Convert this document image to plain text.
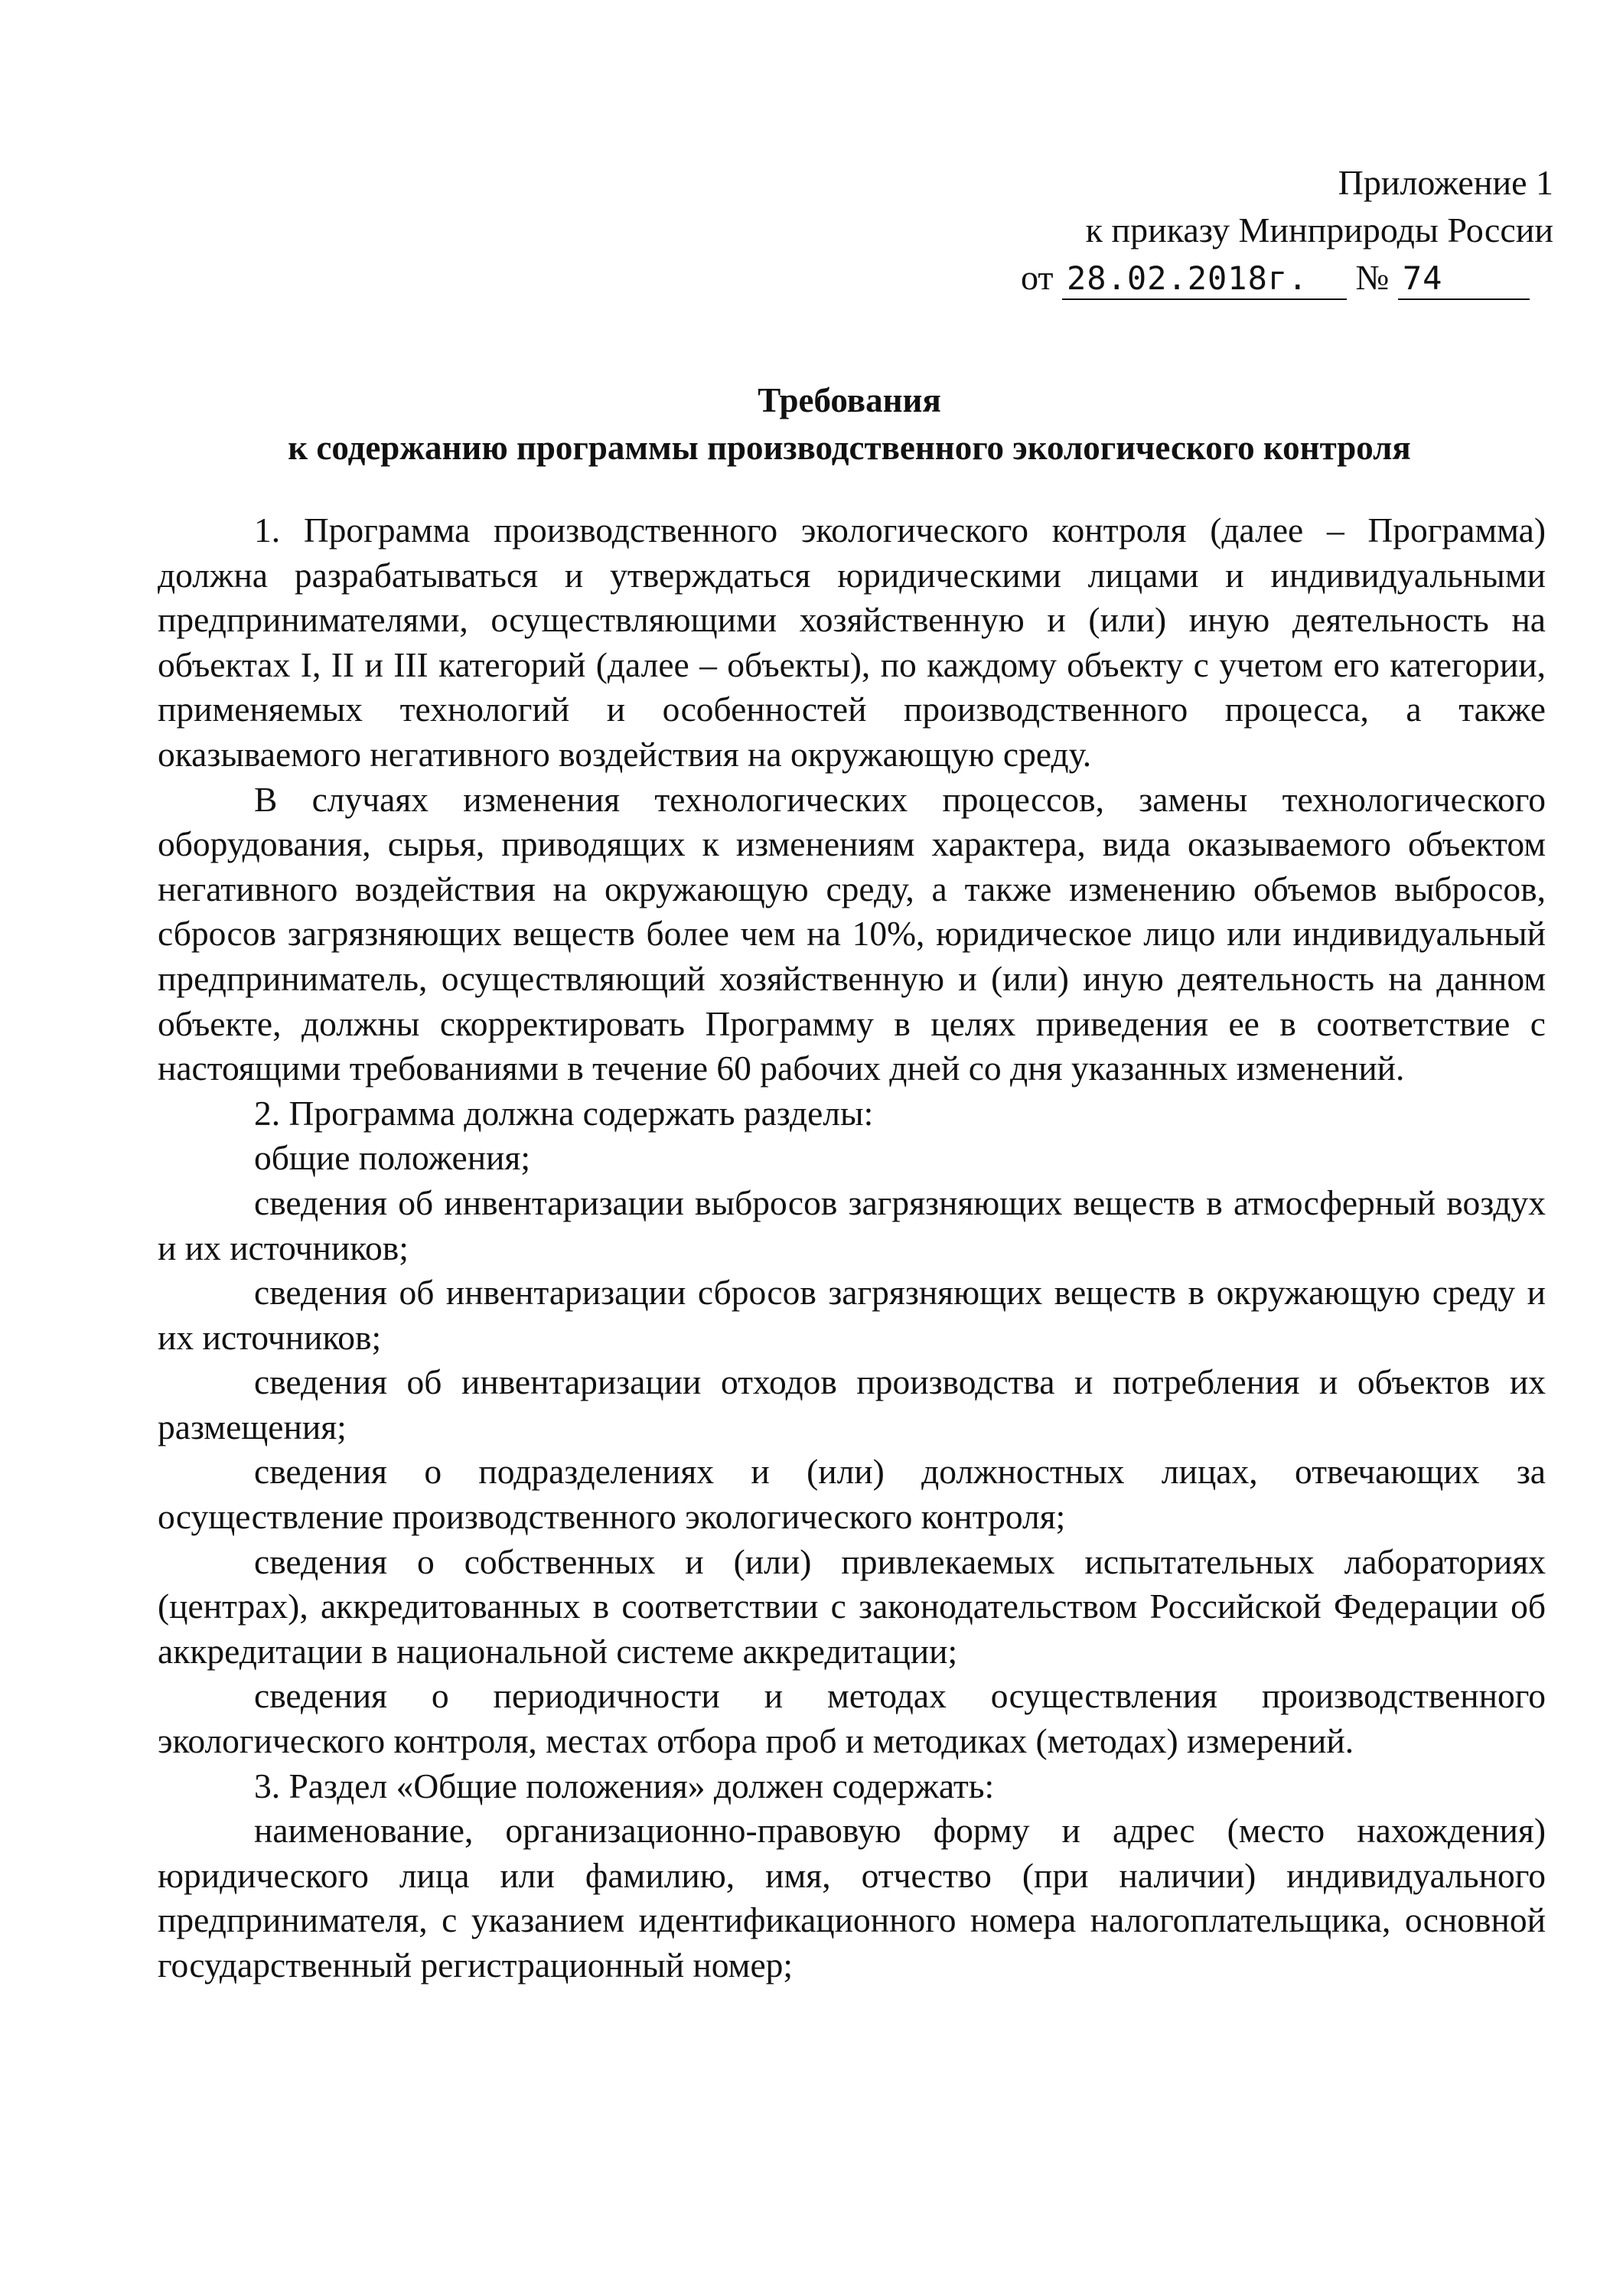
Приложение 1
к приказу Минприроды России
от 28.02.2018г. № 74
Требования
к содержанию программы производственного экологического контроля

1. Программа производственного экологического контроля (далее – Программа) должна разрабатываться и утверждаться юридическими лицами и индивидуальными предпринимателями, осуществляющими хозяйственную и (или) иную деятельность на объектах I, II и III категорий (далее – объекты), по каждому объекту с учетом его категории, применяемых технологий и особенностей производственного процесса, а также оказываемого негативного воздействия на окружающую среду.

В случаях изменения технологических процессов, замены технологического оборудования, сырья, приводящих к изменениям характера, вида оказываемого объектом негативного воздействия на окружающую среду, а также изменению объемов выбросов, сбросов загрязняющих веществ более чем на 10%, юридическое лицо или индивидуальный предприниматель, осуществляющий хозяйственную и (или) иную деятельность на данном объекте, должны скорректировать Программу в целях приведения ее в соответствие с настоящими требованиями в течение 60 рабочих дней со дня указанных изменений.

2. Программа должна содержать разделы:

общие положения;

сведения об инвентаризации выбросов загрязняющих веществ в атмосферный воздух и их источников;

сведения об инвентаризации сбросов загрязняющих веществ в окружающую среду и их источников;

сведения об инвентаризации отходов производства и потребления и объектов их размещения;

сведения о подразделениях и (или) должностных лицах, отвечающих за осуществление производственного экологического контроля;

сведения о собственных и (или) привлекаемых испытательных лабораториях (центрах), аккредитованных в соответствии с законодательством Российской Федерации об аккредитации в национальной системе аккредитации;

сведения о периодичности и методах осуществления производственного экологического контроля, местах отбора проб и методиках (методах) измерений.

3. Раздел «Общие положения» должен содержать:

наименование, организационно-правовую форму и адрес (место нахождения) юридического лица или фамилию, имя, отчество (при наличии) индивидуального предпринимателя, с указанием идентификационного номера налогоплательщика, основной государственный регистрационный номер;
